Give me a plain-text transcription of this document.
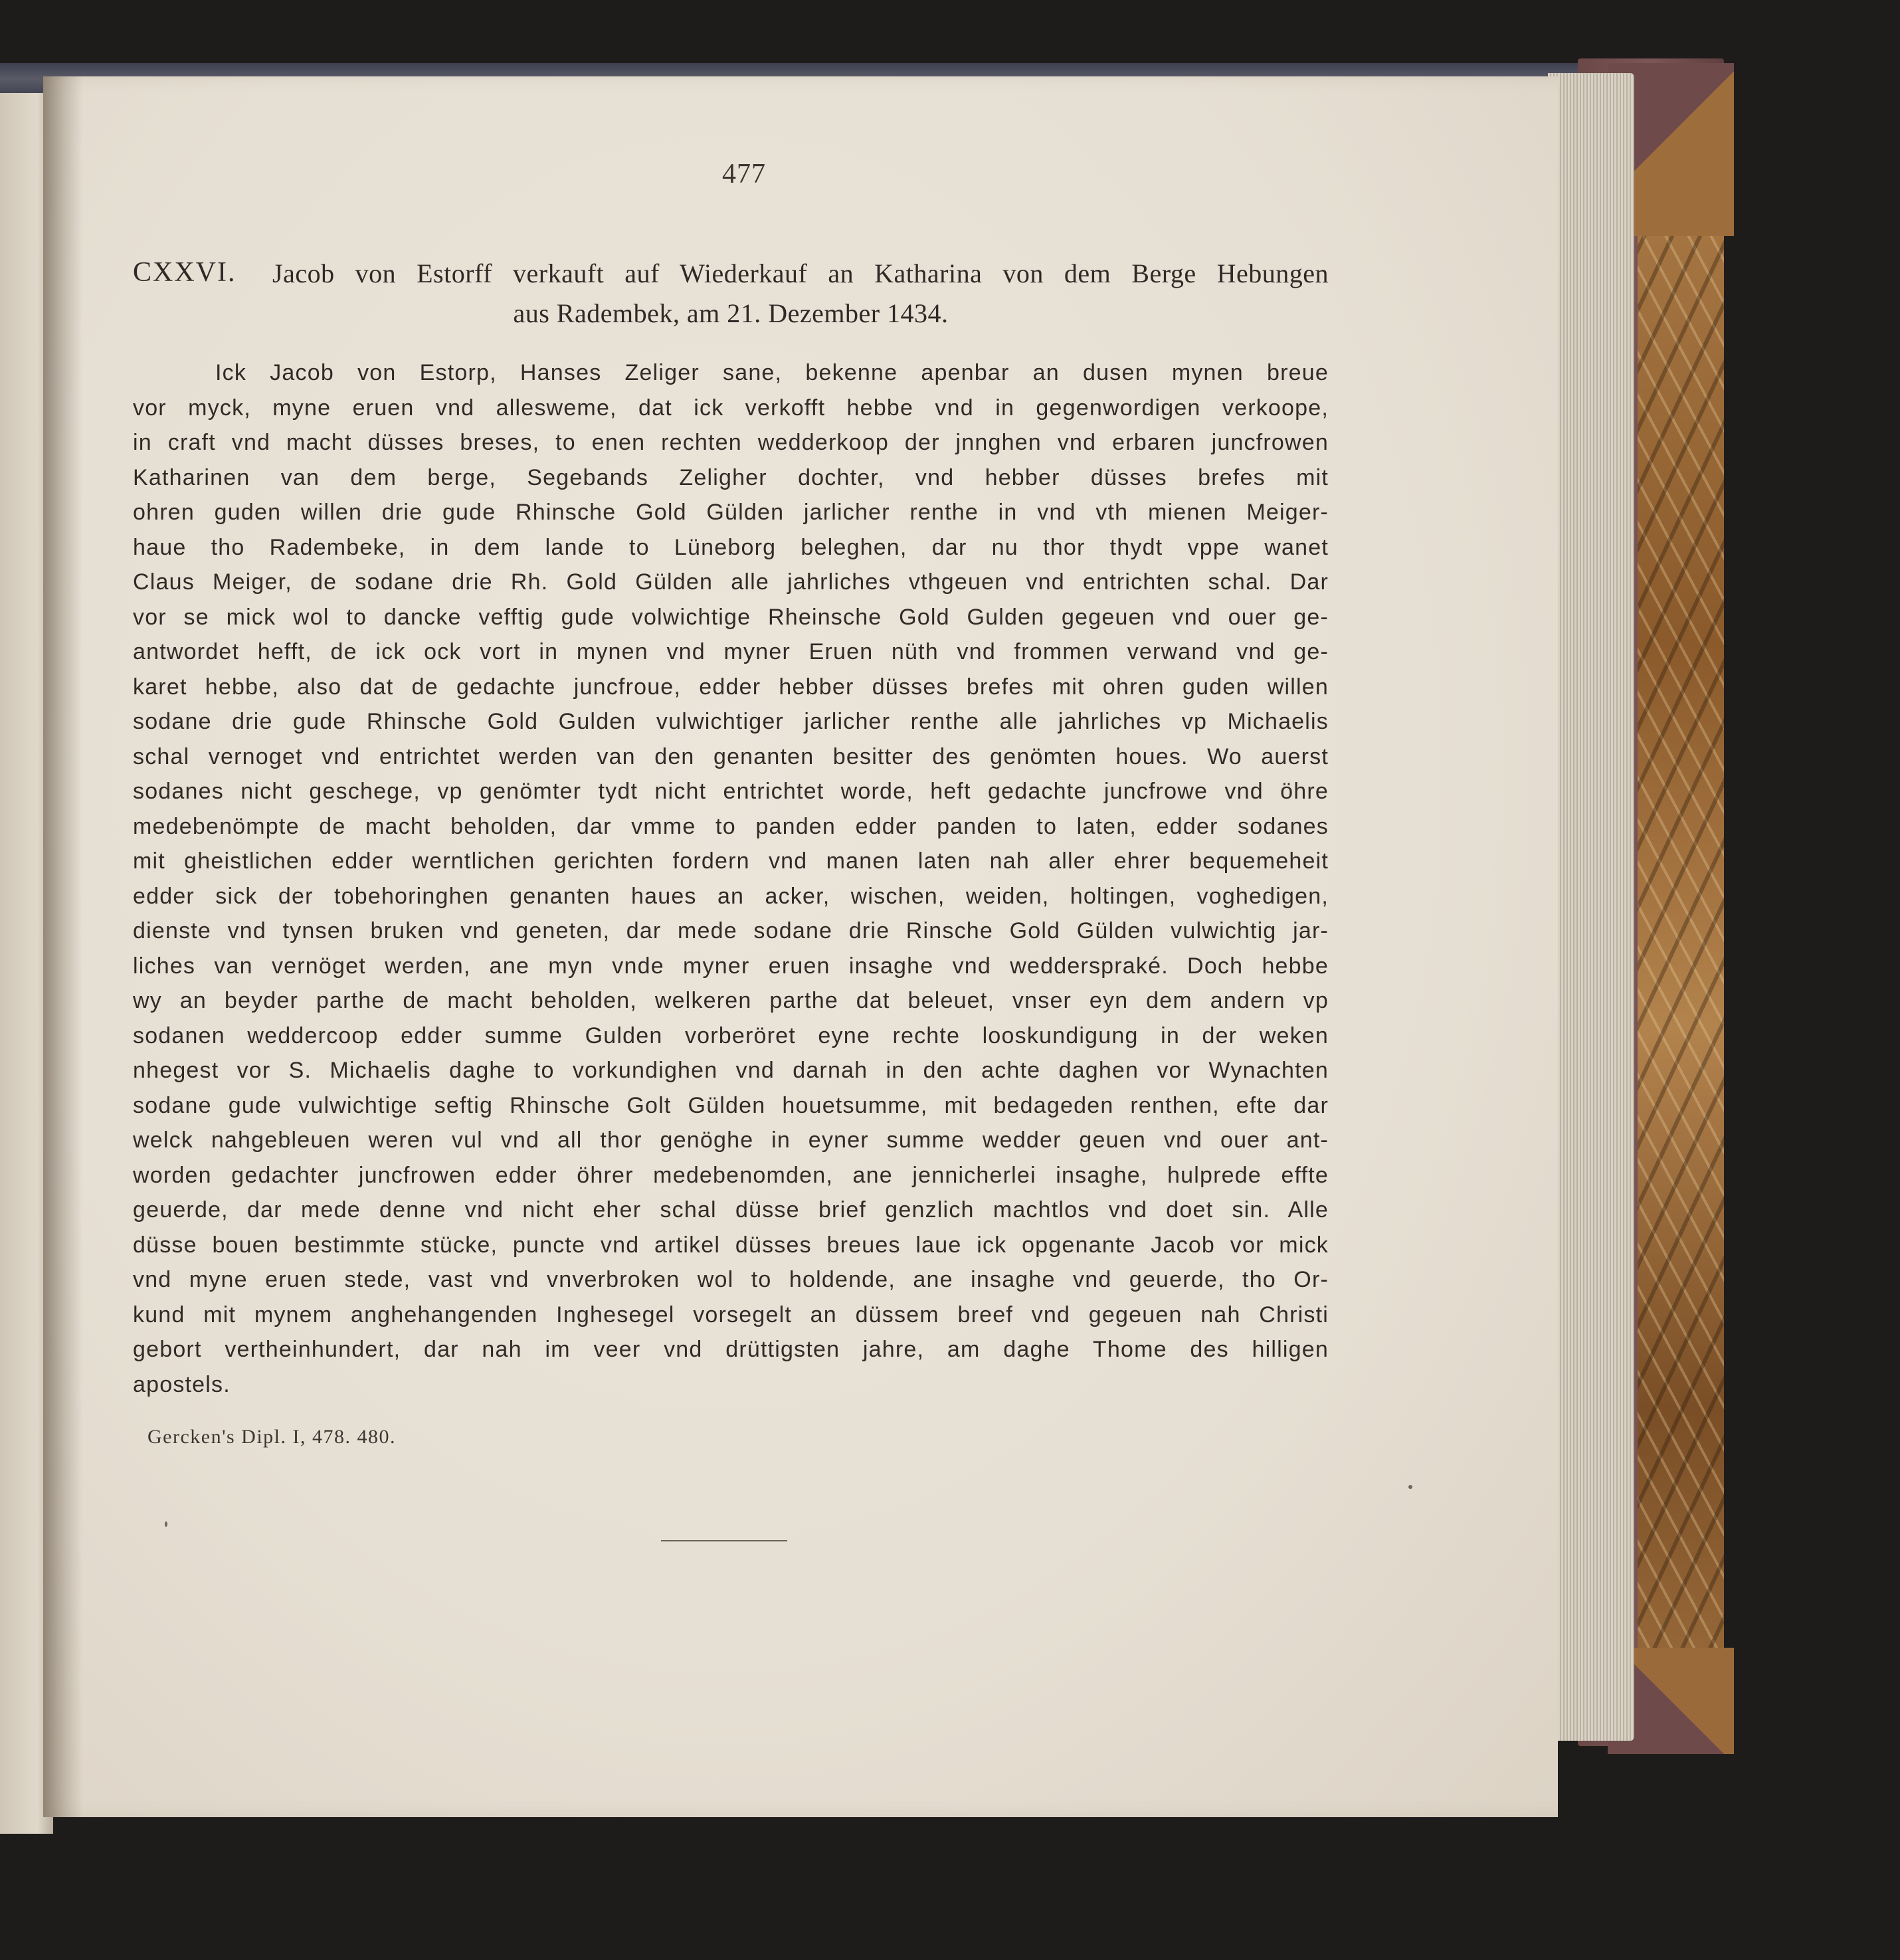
477
CXXVI. Jacob von Estorff verkauft auf Wiederkauf an Katharina von dem Berge Hebungen
aus Radembek, am 21. Dezember 1434.
Ick Jacob von Estorp, Hanses Zeliger sane, bekenne apenbar an dusen mynen breue
vor myck, myne eruen vnd allesweme, dat ick verkofft hebbe vnd in gegenwordigen verkoope,
in craft vnd macht düsses breses, to enen rechten wedderkoop der jnnghen vnd erbaren juncfrowen
Katharinen van dem berge, Segebands Zeligher dochter, vnd hebber düsses brefes mit
ohren guden willen drie gude Rhinsche Gold Gülden jarlicher renthe in vnd vth mienen Meiger-
haue tho Radembeke, in dem lande to Lüneborg beleghen, dar nu thor thydt vppe wanet
Claus Meiger, de sodane drie Rh. Gold Gülden alle jahrliches vthgeuen vnd entrichten schal. Dar
vor se mick wol to dancke vefftig gude volwichtige Rheinsche Gold Gulden gegeuen vnd ouer ge-
antwordet hefft, de ick ock vort in mynen vnd myner Eruen nüth vnd frommen verwand vnd ge-
karet hebbe, also dat de gedachte juncfroue, edder hebber düsses brefes mit ohren guden willen
sodane drie gude Rhinsche Gold Gulden vulwichtiger jarlicher renthe alle jahrliches vp Michaelis
schal vernoget vnd entrichtet werden van den genanten besitter des genömten houes. Wo auerst
sodanes nicht geschege, vp genömter tydt nicht entrichtet worde, heft gedachte juncfrowe vnd öhre
medebenömpte de macht beholden, dar vmme to panden edder panden to laten, edder sodanes
mit gheistlichen edder werntlichen gerichten fordern vnd manen laten nah aller ehrer bequemeheit
edder sick der tobehoringhen genanten haues an acker, wischen, weiden, holtingen, voghedigen,
dienste vnd tynsen bruken vnd geneten, dar mede sodane drie Rinsche Gold Gülden vulwichtig jar-
liches van vernöget werden, ane myn vnde myner eruen insaghe vnd wedderspraké. Doch hebbe
wy an beyder parthe de macht beholden, welkeren parthe dat beleuet, vnser eyn dem andern vp
sodanen weddercoop edder summe Gulden vorberöret eyne rechte looskundigung in der weken
nhegest vor S. Michaelis daghe to vorkundighen vnd darnah in den achte daghen vor Wynachten
sodane gude vulwichtige seftig Rhinsche Golt Gülden houetsumme, mit bedageden renthen, efte dar
welck nahgebleuen weren vul vnd all thor genöghe in eyner summe wedder geuen vnd ouer ant-
worden gedachter juncfrowen edder öhrer medebenomden, ane jennicherlei insaghe, hulprede effte
geuerde, dar mede denne vnd nicht eher schal düsse brief genzlich machtlos vnd doet sin. Alle
düsse bouen bestimmte stücke, puncte vnd artikel düsses breues laue ick opgenante Jacob vor mick
vnd myne eruen stede, vast vnd vnverbroken wol to holdende, ane insaghe vnd geuerde, tho Or-
kund mit mynem anghehangenden Inghesegel vorsegelt an düssem breef vnd gegeuen nah Christi
gebort vertheinhundert, dar nah im veer vnd drüttigsten jahre, am daghe Thome des hilligen
apostels.
Gercken's Dipl. I, 478. 480.
